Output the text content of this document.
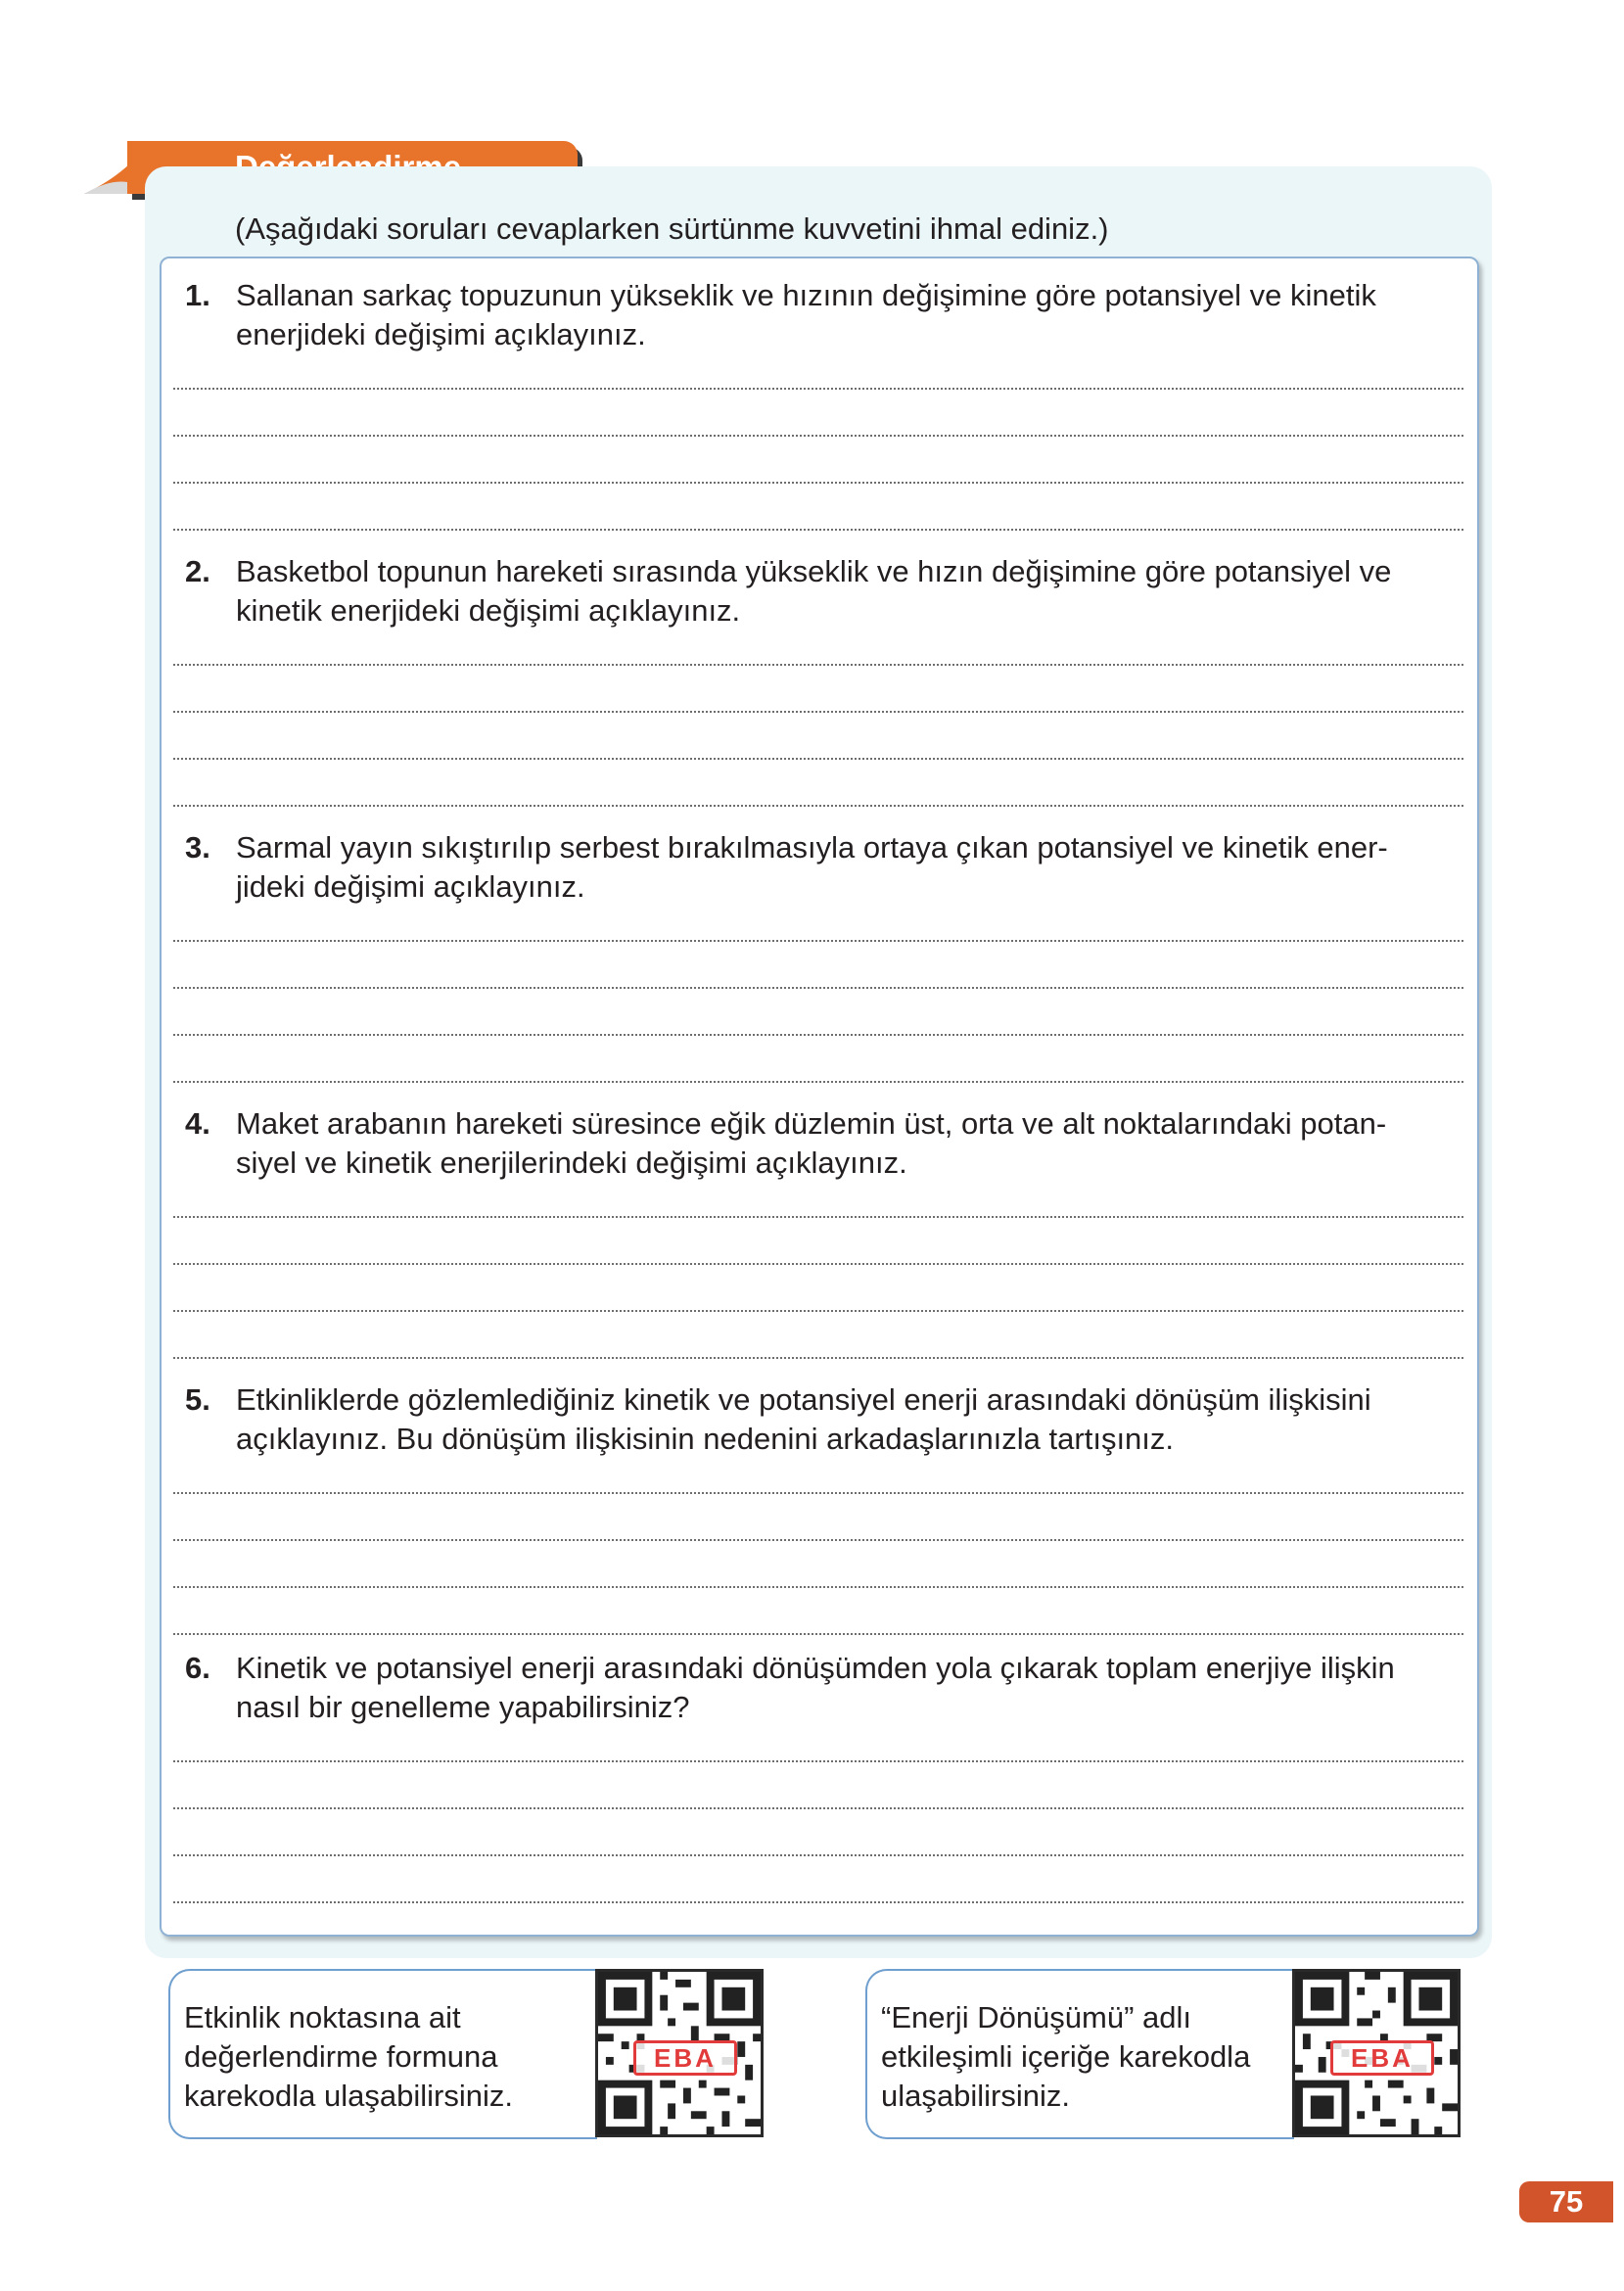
(Aşağıdaki soruları cevaplarken sürtünme kuvvetini ihmal ediniz.)
1. Sallanan sarkaç topuzunun yükseklik ve hızının değişimine göre potansiyel ve kinetik
enerjideki değişimi açıklayınız.
2. Basketbol topunun hareketi sırasında yükseklik ve hızın değişimine göre potansiyel ve
kinetik enerjideki değişimi açıklayınız.
3. Sarmal yayın sıkıştırılıp serbest bırakılmasıyla ortaya çıkan potansiyel ve kinetik ener-
jideki değişimi açıklayınız.
4. Maket arabanın hareketi süresince eğik düzlemin üst, orta ve alt noktalarındaki potan-
siyel ve kinetik enerjilerindeki değişimi açıklayınız.
5. Etkinliklerde gözlemlediğiniz kinetik ve potansiyel enerji arasındaki dönüşüm ilişkisini
açıklayınız. Bu dönüşüm ilişkisinin nedenini arkadaşlarınızla tartışınız.
6. Kinetik ve potansiyel enerji arasındaki dönüşümden yola çıkarak toplam enerjiye ilişkin
nasıl bir genelleme yapabilirsiniz?
Etkinlik noktasına ait
değerlendirme formuna
karekodla ulaşabilirsiniz.
EBA
“Enerji Dönüşümü” adlı
etkileşimli içeriğe karekodla
ulaşabilirsiniz.
EBA
75
